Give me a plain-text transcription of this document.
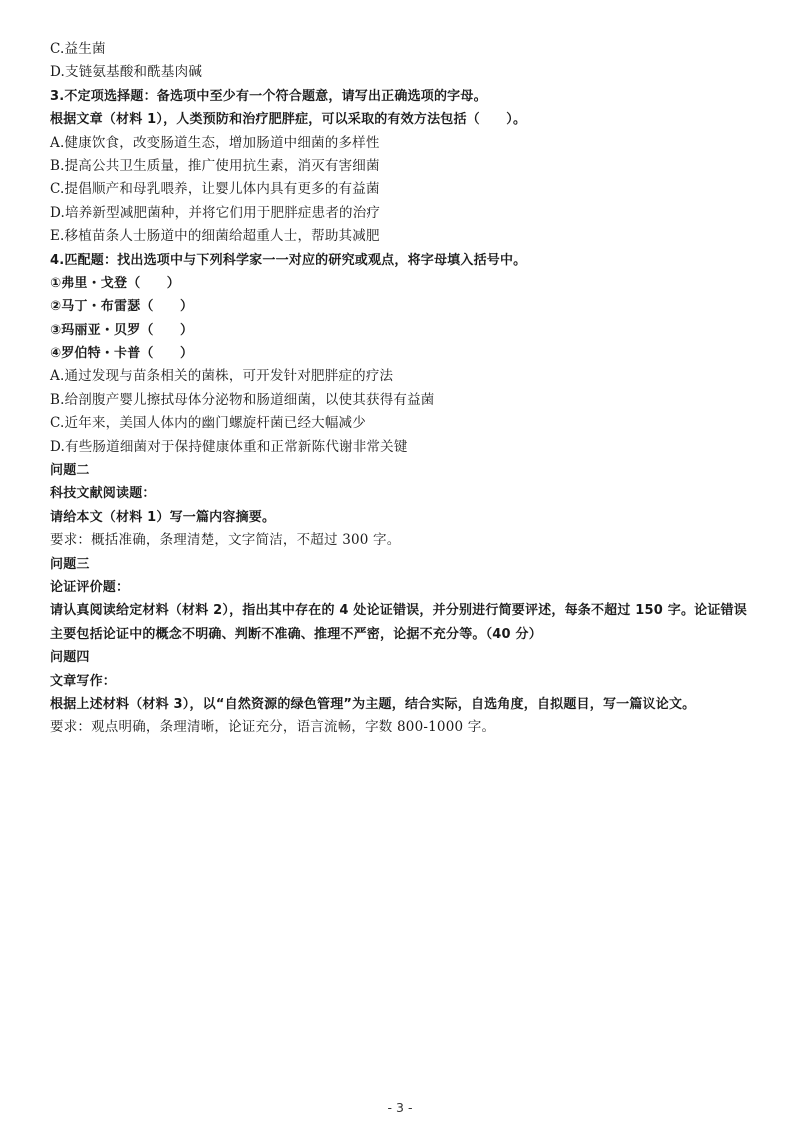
C.益生菌
D.支链氨基酸和酰基肉碱
3.不定项选择题：备选项中至少有一个符合题意，请写出正确选项的字母。
根据文章（材料 1），人类预防和治疗肥胖症，可以采取的有效方法包括（　　）。
A.健康饮食，改变肠道生态，增加肠道中细菌的多样性
B.提高公共卫生质量，推广使用抗生素，消灭有害细菌
C.提倡顺产和母乳喂养，让婴儿体内具有更多的有益菌
D.培养新型减肥菌种，并将它们用于肥胖症患者的治疗
E.移植苗条人士肠道中的细菌给超重人士，帮助其减肥
4.匹配题：找出选项中与下列科学家一一对应的研究或观点，将字母填入括号中。
①弗里・戈登（　　）
②马丁・布雷瑟（　　）
③玛丽亚・贝罗（　　）
④罗伯特・卡普（　　）
A.通过发现与苗条相关的菌株，可开发针对肥胖症的疗法
B.给剖腹产婴儿擦拭母体分泌物和肠道细菌，以使其获得有益菌
C.近年来，美国人体内的幽门螺旋杆菌已经大幅减少
D.有些肠道细菌对于保持健康体重和正常新陈代谢非常关键
问题二
科技文献阅读题：
请给本文（材料 1）写一篇内容摘要。
要求：概括准确，条理清楚，文字简洁，不超过 300 字。
问题三
论证评价题：
请认真阅读给定材料（材料 2），指出其中存在的 4 处论证错误，并分别进行简要评述，每条不超过 150 字。论证错误主要包括论证中的概念不明确、判断不准确、推理不严密，论据不充分等。（40 分）
问题四
文章写作：
根据上述材料（材料 3），以“自然资源的绿色管理”为主题，结合实际，自选角度，自拟题目，写一篇议论文。
要求：观点明确，条理清晰，论证充分，语言流畅，字数 800-1000 字。
- 3 -
